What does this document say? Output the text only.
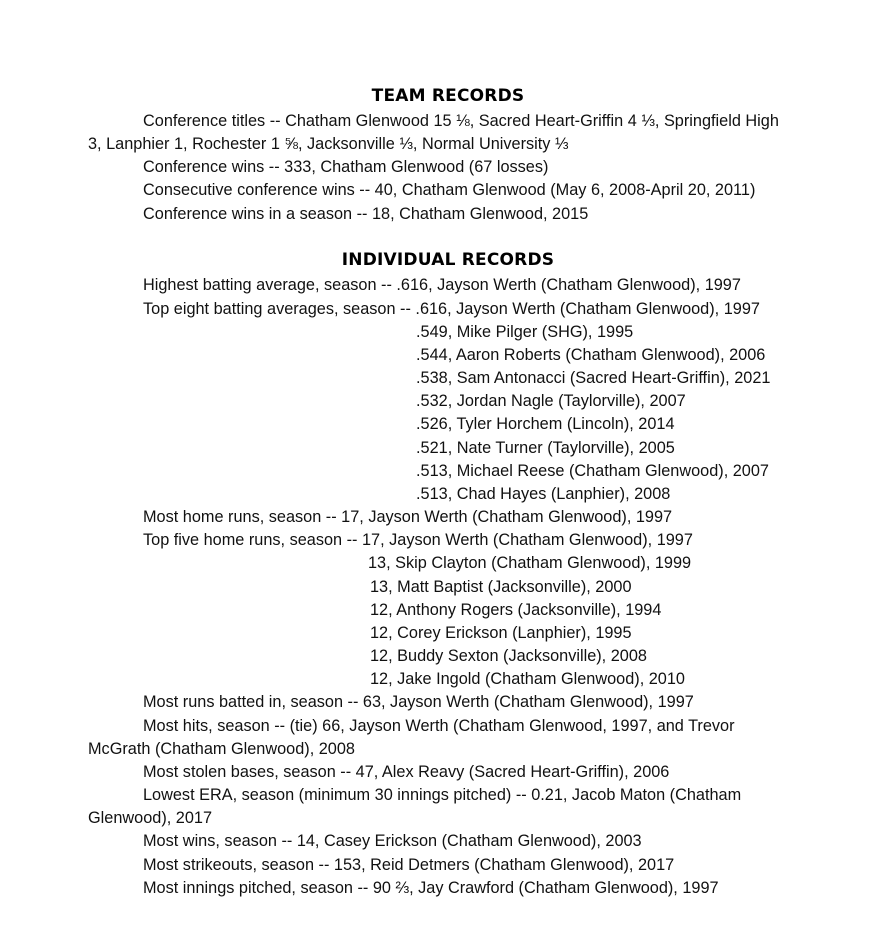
TEAM RECORDS
Conference titles -- Chatham Glenwood 15 ⅛, Sacred Heart-Griffin 4 ⅓, Springfield High
3, Lanphier 1, Rochester 1 ⅝, Jacksonville ⅓, Normal University ⅓
Conference wins -- 333, Chatham Glenwood (67 losses)
Consecutive conference wins -- 40, Chatham Glenwood (May 6, 2008-April 20, 2011)
Conference wins in a season -- 18, Chatham Glenwood, 2015
INDIVIDUAL RECORDS
Highest batting average, season -- .616, Jayson Werth (Chatham Glenwood), 1997
Top eight batting averages, season -- .616, Jayson Werth (Chatham Glenwood), 1997
.549, Mike Pilger (SHG), 1995
.544, Aaron Roberts (Chatham Glenwood), 2006
.538, Sam Antonacci (Sacred Heart-Griffin), 2021
.532, Jordan Nagle (Taylorville), 2007
.526, Tyler Horchem (Lincoln), 2014
.521, Nate Turner (Taylorville), 2005
.513, Michael Reese (Chatham Glenwood), 2007
.513, Chad Hayes (Lanphier), 2008
Most home runs, season -- 17, Jayson Werth (Chatham Glenwood), 1997
Top five home runs, season -- 17, Jayson Werth (Chatham Glenwood), 1997
13, Skip Clayton (Chatham Glenwood), 1999
13, Matt Baptist (Jacksonville), 2000
12, Anthony Rogers (Jacksonville), 1994
12, Corey Erickson (Lanphier), 1995
12, Buddy Sexton (Jacksonville), 2008
12, Jake Ingold (Chatham Glenwood), 2010
Most runs batted in, season -- 63, Jayson Werth (Chatham Glenwood), 1997
Most hits, season -- (tie) 66, Jayson Werth (Chatham Glenwood, 1997, and Trevor
McGrath (Chatham Glenwood), 2008
Most stolen bases, season -- 47, Alex Reavy (Sacred Heart-Griffin), 2006
Lowest ERA, season (minimum 30 innings pitched) -- 0.21, Jacob Maton (Chatham
Glenwood), 2017
Most wins, season -- 14, Casey Erickson (Chatham Glenwood), 2003
Most strikeouts, season -- 153, Reid Detmers (Chatham Glenwood), 2017
Most innings pitched, season -- 90 ⅔, Jay Crawford (Chatham Glenwood), 1997
